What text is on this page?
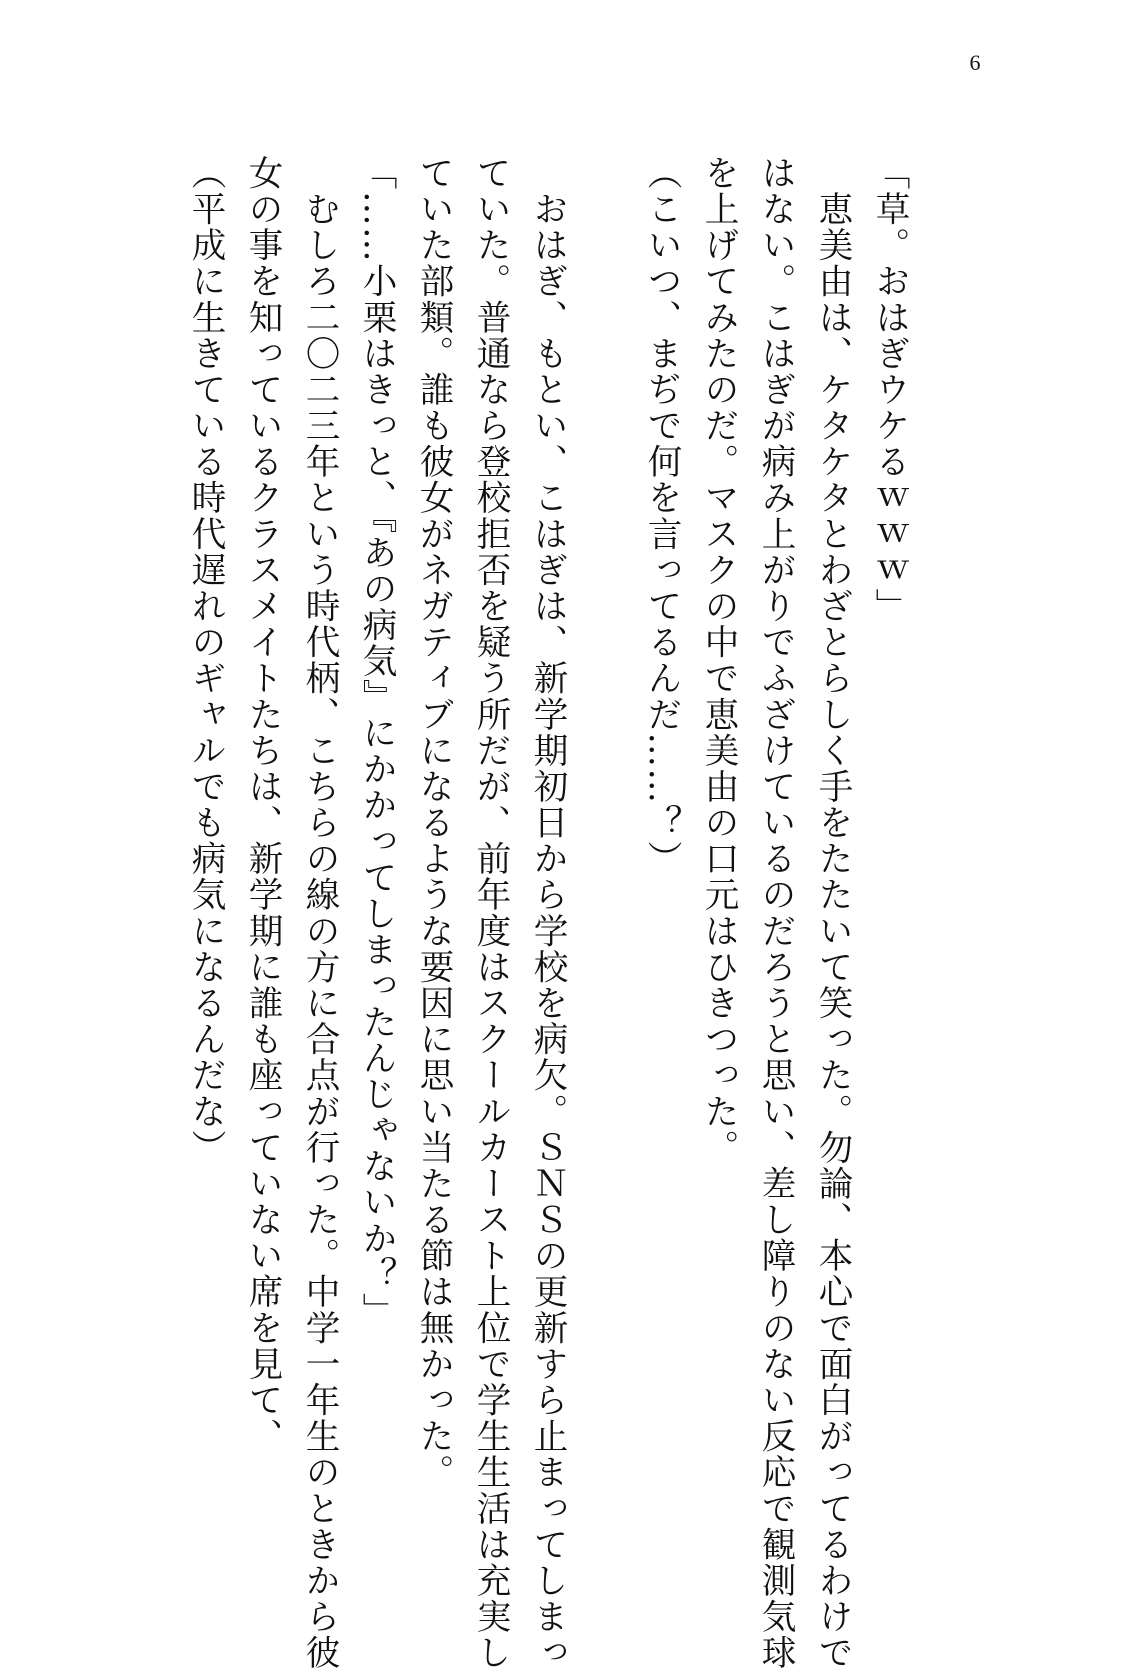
6
「草。おはぎウケるｗｗｗ」
　恵美由は、ケタケタとわざとらしく手をたたいて笑った。勿論、本心で面白がってるわけで
はない。こはぎが病み上がりでふざけているのだろうと思い、差し障りのない反応で観測気球
を上げてみたのだ。マスクの中で恵美由の口元はひきつった。
（こいつ、まぢで何を言ってるんだ……？）
　おはぎ、もとい、こはぎは、新学期初日から学校を病欠。ＳＮＳの更新すら止まってしまっ
ていた。普通なら登校拒否を疑う所だが、前年度はスクールカースト上位で学生生活は充実し
ていた部類。誰も彼女がネガティブになるような要因に思い当たる節は無かった。
「……小栗はきっと、『あの病気』にかかってしまったんじゃないか？」
　むしろ二〇二三年という時代柄、こちらの線の方に合点が行った。中学一年生のときから彼
女の事を知っているクラスメイトたちは、新学期に誰も座っていない席を見て、
（平成に生きている時代遅れのギャルでも病気になるんだな）
